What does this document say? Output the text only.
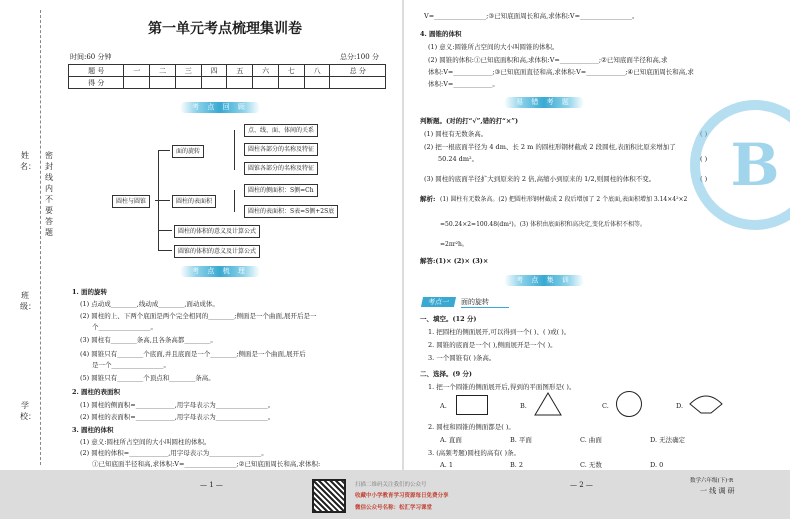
学校：
班级：
姓名：
密 封 线 内 不 要 答 题
第一单元考点梳理集训卷
时间:60 分钟	总分:100 分
题 号	一	二	三	四	五	六	七	八	总 分
得 分									
考 点 回 顾
圆柱与圆锥
面的旋转
圆柱的表面积
点、线、面、体间的关系
圆柱各部分的名称及特征
圆锥各部分的名称及特征
圆柱的侧面积：S侧=Ch
圆柱的表面积：S表=S侧+2S底
圆柱的体积的意义及计算公式
圆锥的体积的意义及计算公式
考 点 梳 理
1. 面的旋转
(1) 点动成________,线动成________,面动成体。
(2) 圆柱的上、下两个底面是两个完全相同的________;侧面是一个曲面,展开后是一
个________________。
(3) 圆柱有________条高,且各条高都________。
(4) 圆锥只有________个底面,并且底面是一个________;侧面是一个曲面,展开后
是一个________________。
(5) 圆锥只有________个顶点和________条高。
2. 圆柱的表面积
(1) 圆柱的侧面积=____________,用字母表示为________________。
(2) 圆柱的表面积=____________,用字母表示为________________。
3. 圆柱的体积
(1) 意义:圆柱所占空间的大小叫圆柱的体积。
(2) 圆柱的体积=____________,用字母表示为________________。
①已知底面半径和高,求体积:V=________________;②已知底面周长和高,求体积:
V=________________;③已知底面周长和高,求体积:V=________________。
4. 圆锥的体积
(1) 意义:圆锥所占空间的大小叫圆锥的体积。
(2) 圆锥的体积:①已知底面积和高,求体积:V=____________;②已知底面半径和高,求
体积:V=____________;③已知底面直径和高,求体积:V=____________;④已知底面周长和高,求
体积:V=____________。
易 错 考 题
判断题。(对的打“√”,错的打“×”)
(1) 圆柱有无数条高。	( )
(2) 把一根底面半径为 4 dm、长 2 m 的圆柱形钢材截成 2 段圆柱,表面积比原来增加了
50.24 dm²。	( )
(3) 圆柱的底面半径扩大到原来的 2 倍,高缩小到原来的 1/2,则圆柱的体积不变。	( )
解析: (1) 圆柱有无数条高。(2) 把圆柱形钢材截成 2 段后增加了 2 个底面,表面积增加 3.14×4²×2
=50.24×2=100.48(dm²)。(3) 体积由底面积和高决定,变化后体积不相等。
=2πr²h。
解答:(1)× (2)× (3)×
考 点 集 训
一、填空。(12 分)
1. 把圆柱的侧面展开,可以得到一个( )、( )或( )。
2. 圆锥的底面是一个( ),侧面展开是一个( )。
3. 一个圆锥有( )条高。
二、选择。(9 分)
1. 把一个圆锥的侧面展开后,得到的平面图形是( )。
A.	B.	C.	D.
2. 圆柱和圆锥的侧面都是( )。
A. 直面	B. 平面	C. 曲面	D. 无法确定
3. (高频考题)圆柱的高有( )条。
A. 1	B. 2	C. 无数	D. 0
考点一 面的旋转
B
— 1 —	— 2 —	数学六年级(下)·R
一 线 调 研
扫描二维码关注我们的公众号
收藏中小学教育学习资源每日免费分享
微信公众号名称：松汇学习课堂
